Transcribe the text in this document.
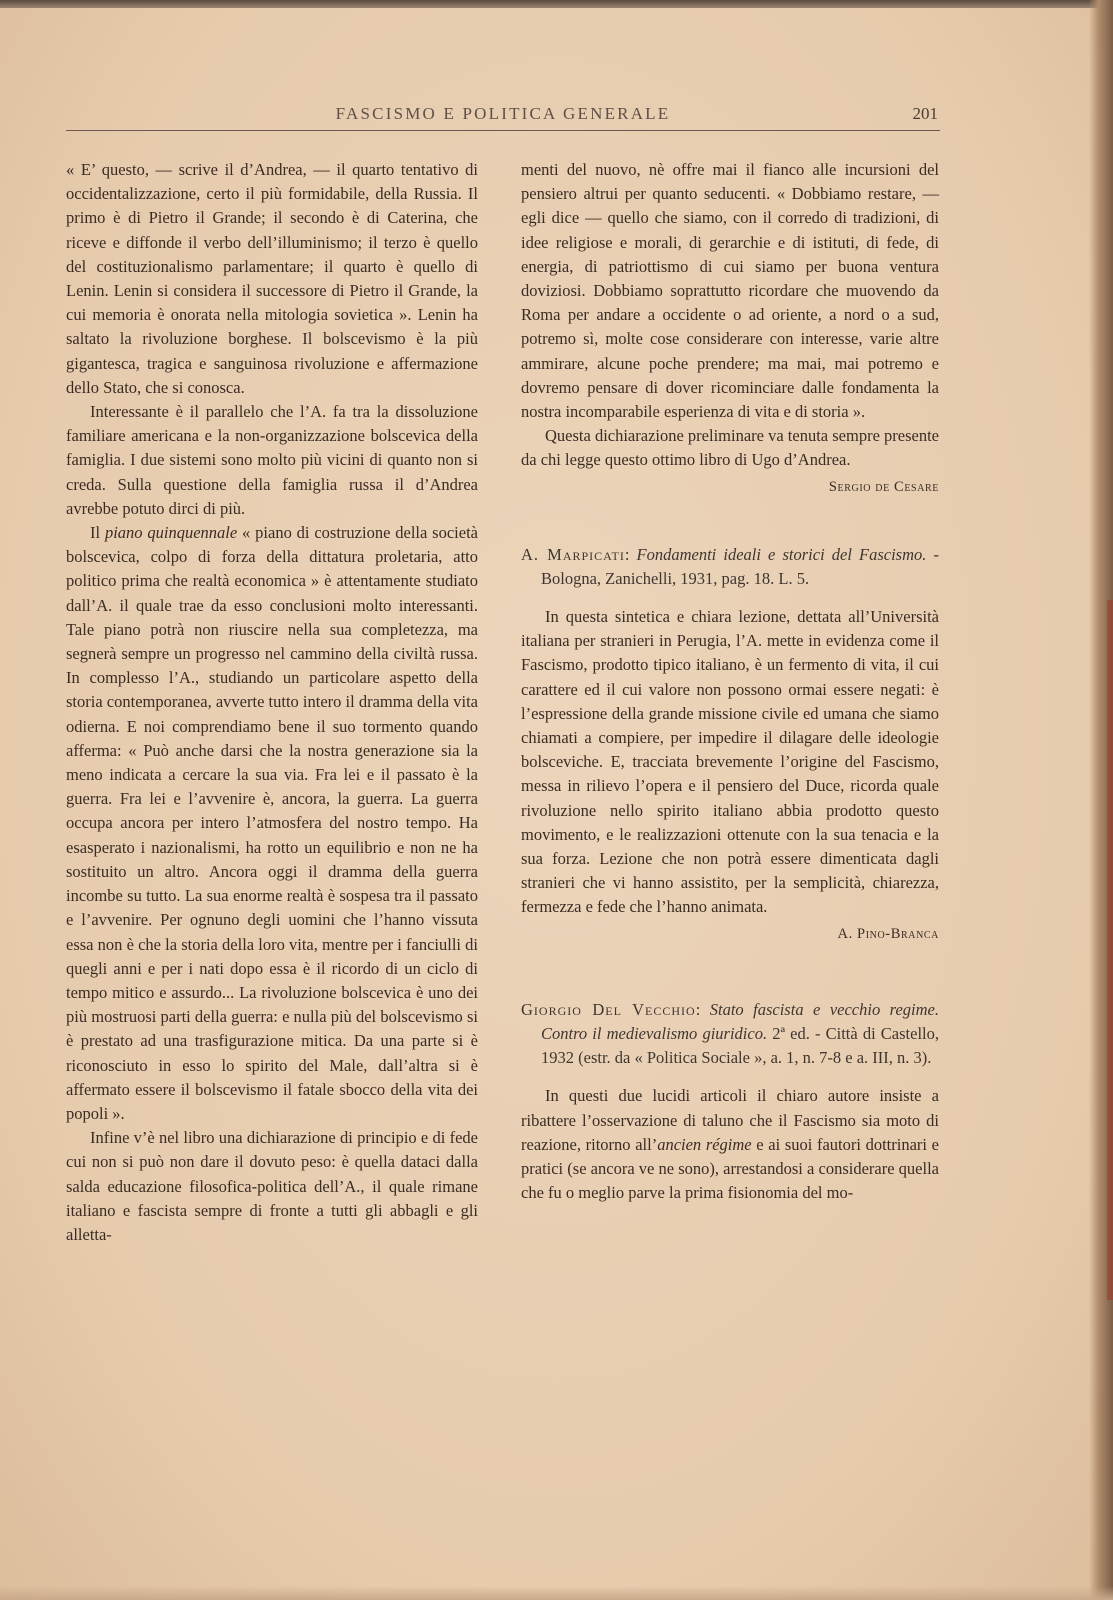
FASCISMO E POLITICA GENERALE	201

« E’ questo, — scrive il d’Andrea, — il quarto tentativo di occidentalizzazione, certo il più formidabile, della Russia. Il primo è di Pietro il Grande; il secondo è di Caterina, che riceve e diffonde il verbo dell’illuminismo; il terzo è quello del costituzionalismo parlamentare; il quarto è quello di Lenin. Lenin si considera il successore di Pietro il Grande, la cui memoria è onorata nella mitologia sovietica ». Lenin ha saltato la rivoluzione borghese. Il bolscevismo è la più gigantesca, tragica e sanguinosa rivoluzione e affermazione dello Stato, che si conosca.

Interessante è il parallelo che l’A. fa tra la dissoluzione familiare americana e la non-organizzazione bolscevica della famiglia. I due sistemi sono molto più vicini di quanto non si creda. Sulla questione della famiglia russa il d’Andrea avrebbe potuto dirci di più.

Il piano quinquennale « piano di costruzione della società bolscevica, colpo di forza della dittatura proletaria, atto politico prima che realtà economica » è attentamente studiato dall’A. il quale trae da esso conclusioni molto interessanti. Tale piano potrà non riuscire nella sua completezza, ma segnerà sempre un progresso nel cammino della civiltà russa. In complesso l’A., studiando un particolare aspetto della storia contemporanea, avverte tutto intero il dramma della vita odierna. E noi comprendiamo bene il suo tormento quando afferma: « Può anche darsi che la nostra generazione sia la meno indicata a cercare la sua via. Fra lei e il passato è la guerra. Fra lei e l’avvenire è, ancora, la guerra. La guerra occupa ancora per intero l’atmosfera del nostro tempo. Ha esasperato i nazionalismi, ha rotto un equilibrio e non ne ha sostituito un altro. Ancora oggi il dramma della guerra incombe su tutto. La sua enorme realtà è sospesa tra il passato e l’avvenire. Per ognuno degli uomini che l’hanno vissuta essa non è che la storia della loro vita, mentre per i fanciulli di quegli anni e per i nati dopo essa è il ricordo di un ciclo di tempo mitico e assurdo... La rivoluzione bolscevica è uno dei più mostruosi parti della guerra: e nulla più del bolscevismo si è prestato ad una trasfigurazione mitica. Da una parte si è riconosciuto in esso lo spirito del Male, dall’altra si è affermato essere il bolscevismo il fatale sbocco della vita dei popoli ».

Infine v’è nel libro una dichiarazione di principio e di fede cui non si può non dare il dovuto peso: è quella dataci dalla salda educazione filosofica-politica dell’A., il quale rimane italiano e fascista sempre di fronte a tutti gli abbagli e gli alletta-

menti del nuovo, nè offre mai il fianco alle incursioni del pensiero altrui per quanto seducenti. « Dobbiamo restare, — egli dice — quello che siamo, con il corredo di tradizioni, di idee religiose e morali, di gerarchie e di istituti, di fede, di energia, di patriottismo di cui siamo per buona ventura doviziosi. Dobbiamo soprattutto ricordare che muovendo da Roma per andare a occidente o ad oriente, a nord o a sud, potremo sì, molte cose considerare con interesse, varie altre ammirare, alcune poche prendere; ma mai, mai potremo e dovremo pensare di dover ricominciare dalle fondamenta la nostra incomparabile esperienza di vita e di storia ».

Questa dichiarazione preliminare va tenuta sempre presente da chi legge questo ottimo libro di Ugo d’Andrea.

Sergio de Cesare

A. Marpicati: Fondamenti ideali e storici del Fascismo. - Bologna, Zanichelli, 1931, pag. 18. L. 5.

In questa sintetica e chiara lezione, dettata all’Università italiana per stranieri in Perugia, l’A. mette in evidenza come il Fascismo, prodotto tipico italiano, è un fermento di vita, il cui carattere ed il cui valore non possono ormai essere negati: è l’espressione della grande missione civile ed umana che siamo chiamati a compiere, per impedire il dilagare delle ideologie bolsceviche. E, tracciata brevemente l’origine del Fascismo, messa in rilievo l’opera e il pensiero del Duce, ricorda quale rivoluzione nello spirito italiano abbia prodotto questo movimento, e le realizzazioni ottenute con la sua tenacia e la sua forza. Lezione che non potrà essere dimenticata dagli stranieri che vi hanno assistito, per la semplicità, chiarezza, fermezza e fede che l’hanno animata.

A. Pino-Branca

Giorgio Del Vecchio: Stato fascista e vecchio regime. Contro il medievalismo giuridico. 2ª ed. - Città di Castello, 1932 (estr. da « Politica Sociale », a. 1, n. 7-8 e a. III, n. 3).

In questi due lucidi articoli il chiaro autore insiste a ribattere l’osservazione di taluno che il Fascismo sia moto di reazione, ritorno all’ancien régime e ai suoi fautori dottrinari e pratici (se ancora ve ne sono), arrestandosi a considerare quella che fu o meglio parve la prima fisionomia del mo-
